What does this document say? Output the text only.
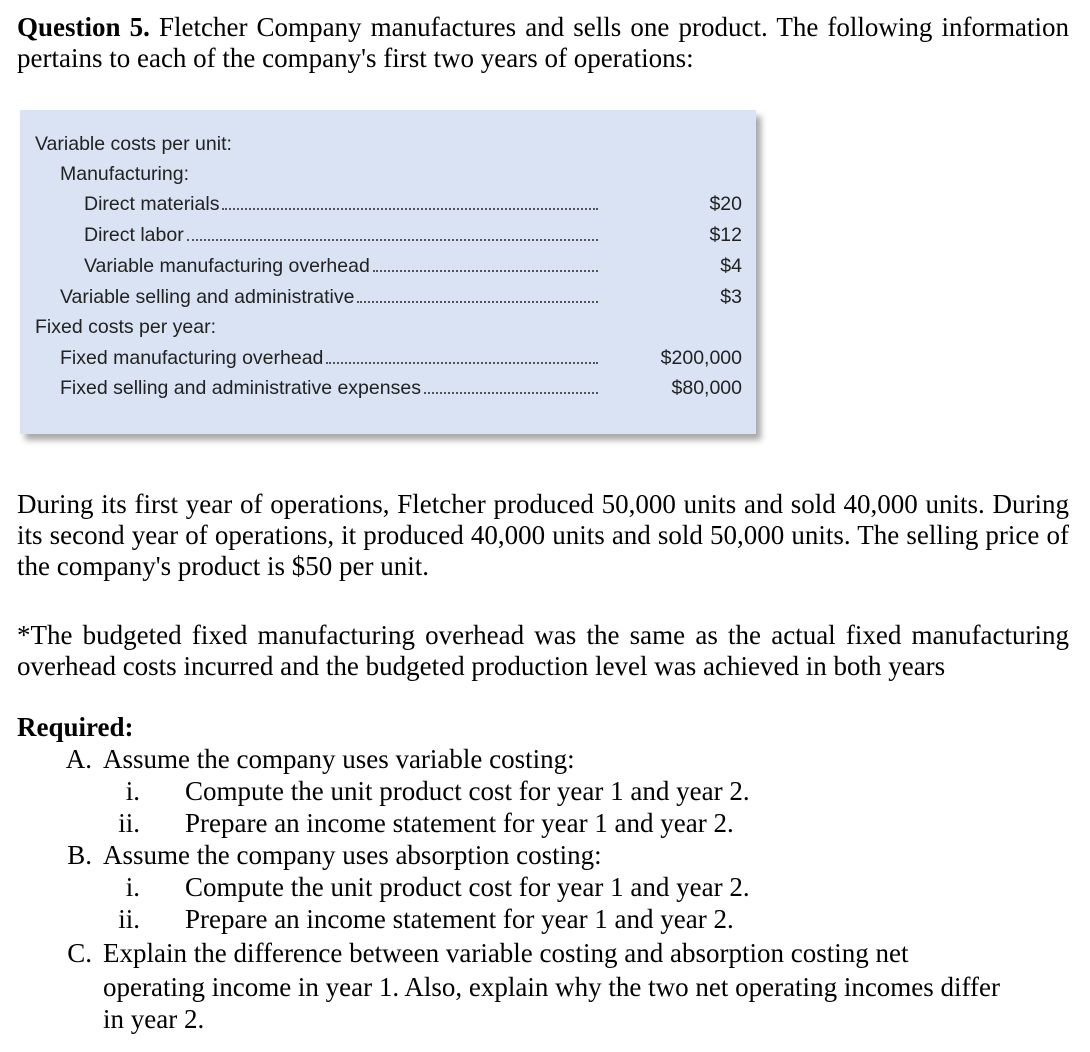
Question 5. Fletcher Company manufactures and sells one product. The following information pertains to each of the company's first two years of operations:
Variable costs per unit:
Manufacturing:
Direct materials	$20
Direct labor	$12
Variable manufacturing overhead	$4
Variable selling and administrative	$3
Fixed costs per year:
Fixed manufacturing overhead	$200,000
Fixed selling and administrative expenses	$80,000
During its first year of operations, Fletcher produced 50,000 units and sold 40,000 units. During its second year of operations, it produced 40,000 units and sold 50,000 units. The selling price of the company's product is $50 per unit.
*The budgeted fixed manufacturing overhead was the same as the actual fixed manufacturing overhead costs incurred and the budgeted production level was achieved in both years
Required:
A. Assume the company uses variable costing:
i. Compute the unit product cost for year 1 and year 2.
ii. Prepare an income statement for year 1 and year 2.
B. Assume the company uses absorption costing:
i. Compute the unit product cost for year 1 and year 2.
ii. Prepare an income statement for year 1 and year 2.
C. Explain the difference between variable costing and absorption costing net
operating income in year 1. Also, explain why the two net operating incomes differ
in year 2.
